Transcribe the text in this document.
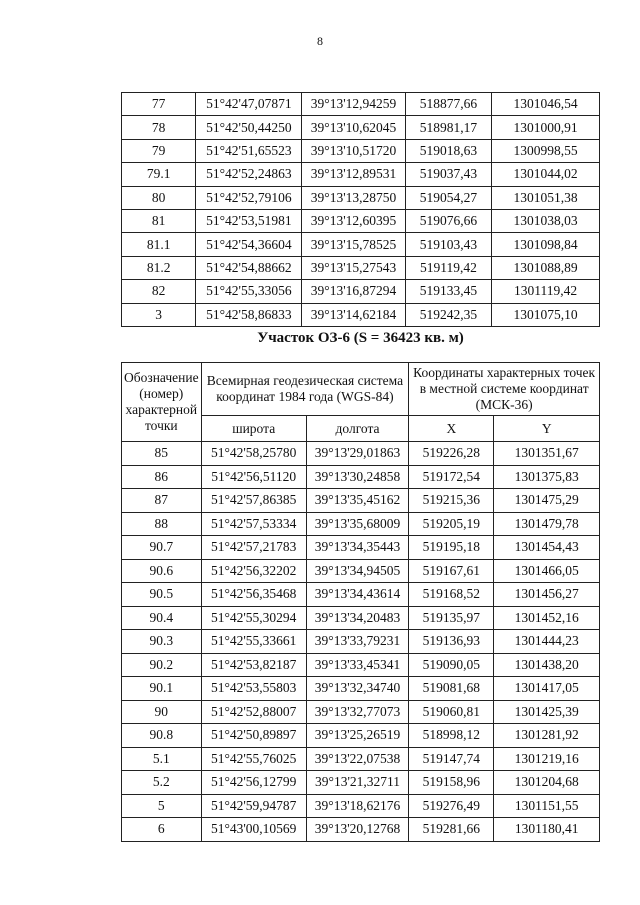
8
77	51°42'47,07871	39°13'12,94259	518877,66	1301046,54
78	51°42'50,44250	39°13'10,62045	518981,17	1301000,91
79	51°42'51,65523	39°13'10,51720	519018,63	1300998,55
79.1	51°42'52,24863	39°13'12,89531	519037,43	1301044,02
80	51°42'52,79106	39°13'13,28750	519054,27	1301051,38
81	51°42'53,51981	39°13'12,60395	519076,66	1301038,03
81.1	51°42'54,36604	39°13'15,78525	519103,43	1301098,84
81.2	51°42'54,88662	39°13'15,27543	519119,42	1301088,89
82	51°42'55,33056	39°13'16,87294	519133,45	1301119,42
3	51°42'58,86833	39°13'14,62184	519242,35	1301075,10
Участок ОЗ-6 (S = 36423 кв. м)
Обозначение (номер) характерной точки	Всемирная геодезическая система координат 1984 года (WGS-84)		Координаты характерных точек в местной системе координат (МСК-36)	
	широта	долгота	X	Y
85	51°42'58,25780	39°13'29,01863	519226,28	1301351,67
86	51°42'56,51120	39°13'30,24858	519172,54	1301375,83
87	51°42'57,86385	39°13'35,45162	519215,36	1301475,29
88	51°42'57,53334	39°13'35,68009	519205,19	1301479,78
90.7	51°42'57,21783	39°13'34,35443	519195,18	1301454,43
90.6	51°42'56,32202	39°13'34,94505	519167,61	1301466,05
90.5	51°42'56,35468	39°13'34,43614	519168,52	1301456,27
90.4	51°42'55,30294	39°13'34,20483	519135,97	1301452,16
90.3	51°42'55,33661	39°13'33,79231	519136,93	1301444,23
90.2	51°42'53,82187	39°13'33,45341	519090,05	1301438,20
90.1	51°42'53,55803	39°13'32,34740	519081,68	1301417,05
90	51°42'52,88007	39°13'32,77073	519060,81	1301425,39
90.8	51°42'50,89897	39°13'25,26519	518998,12	1301281,92
5.1	51°42'55,76025	39°13'22,07538	519147,74	1301219,16
5.2	51°42'56,12799	39°13'21,32711	519158,96	1301204,68
5	51°42'59,94787	39°13'18,62176	519276,49	1301151,55
6	51°43'00,10569	39°13'20,12768	519281,66	1301180,41
